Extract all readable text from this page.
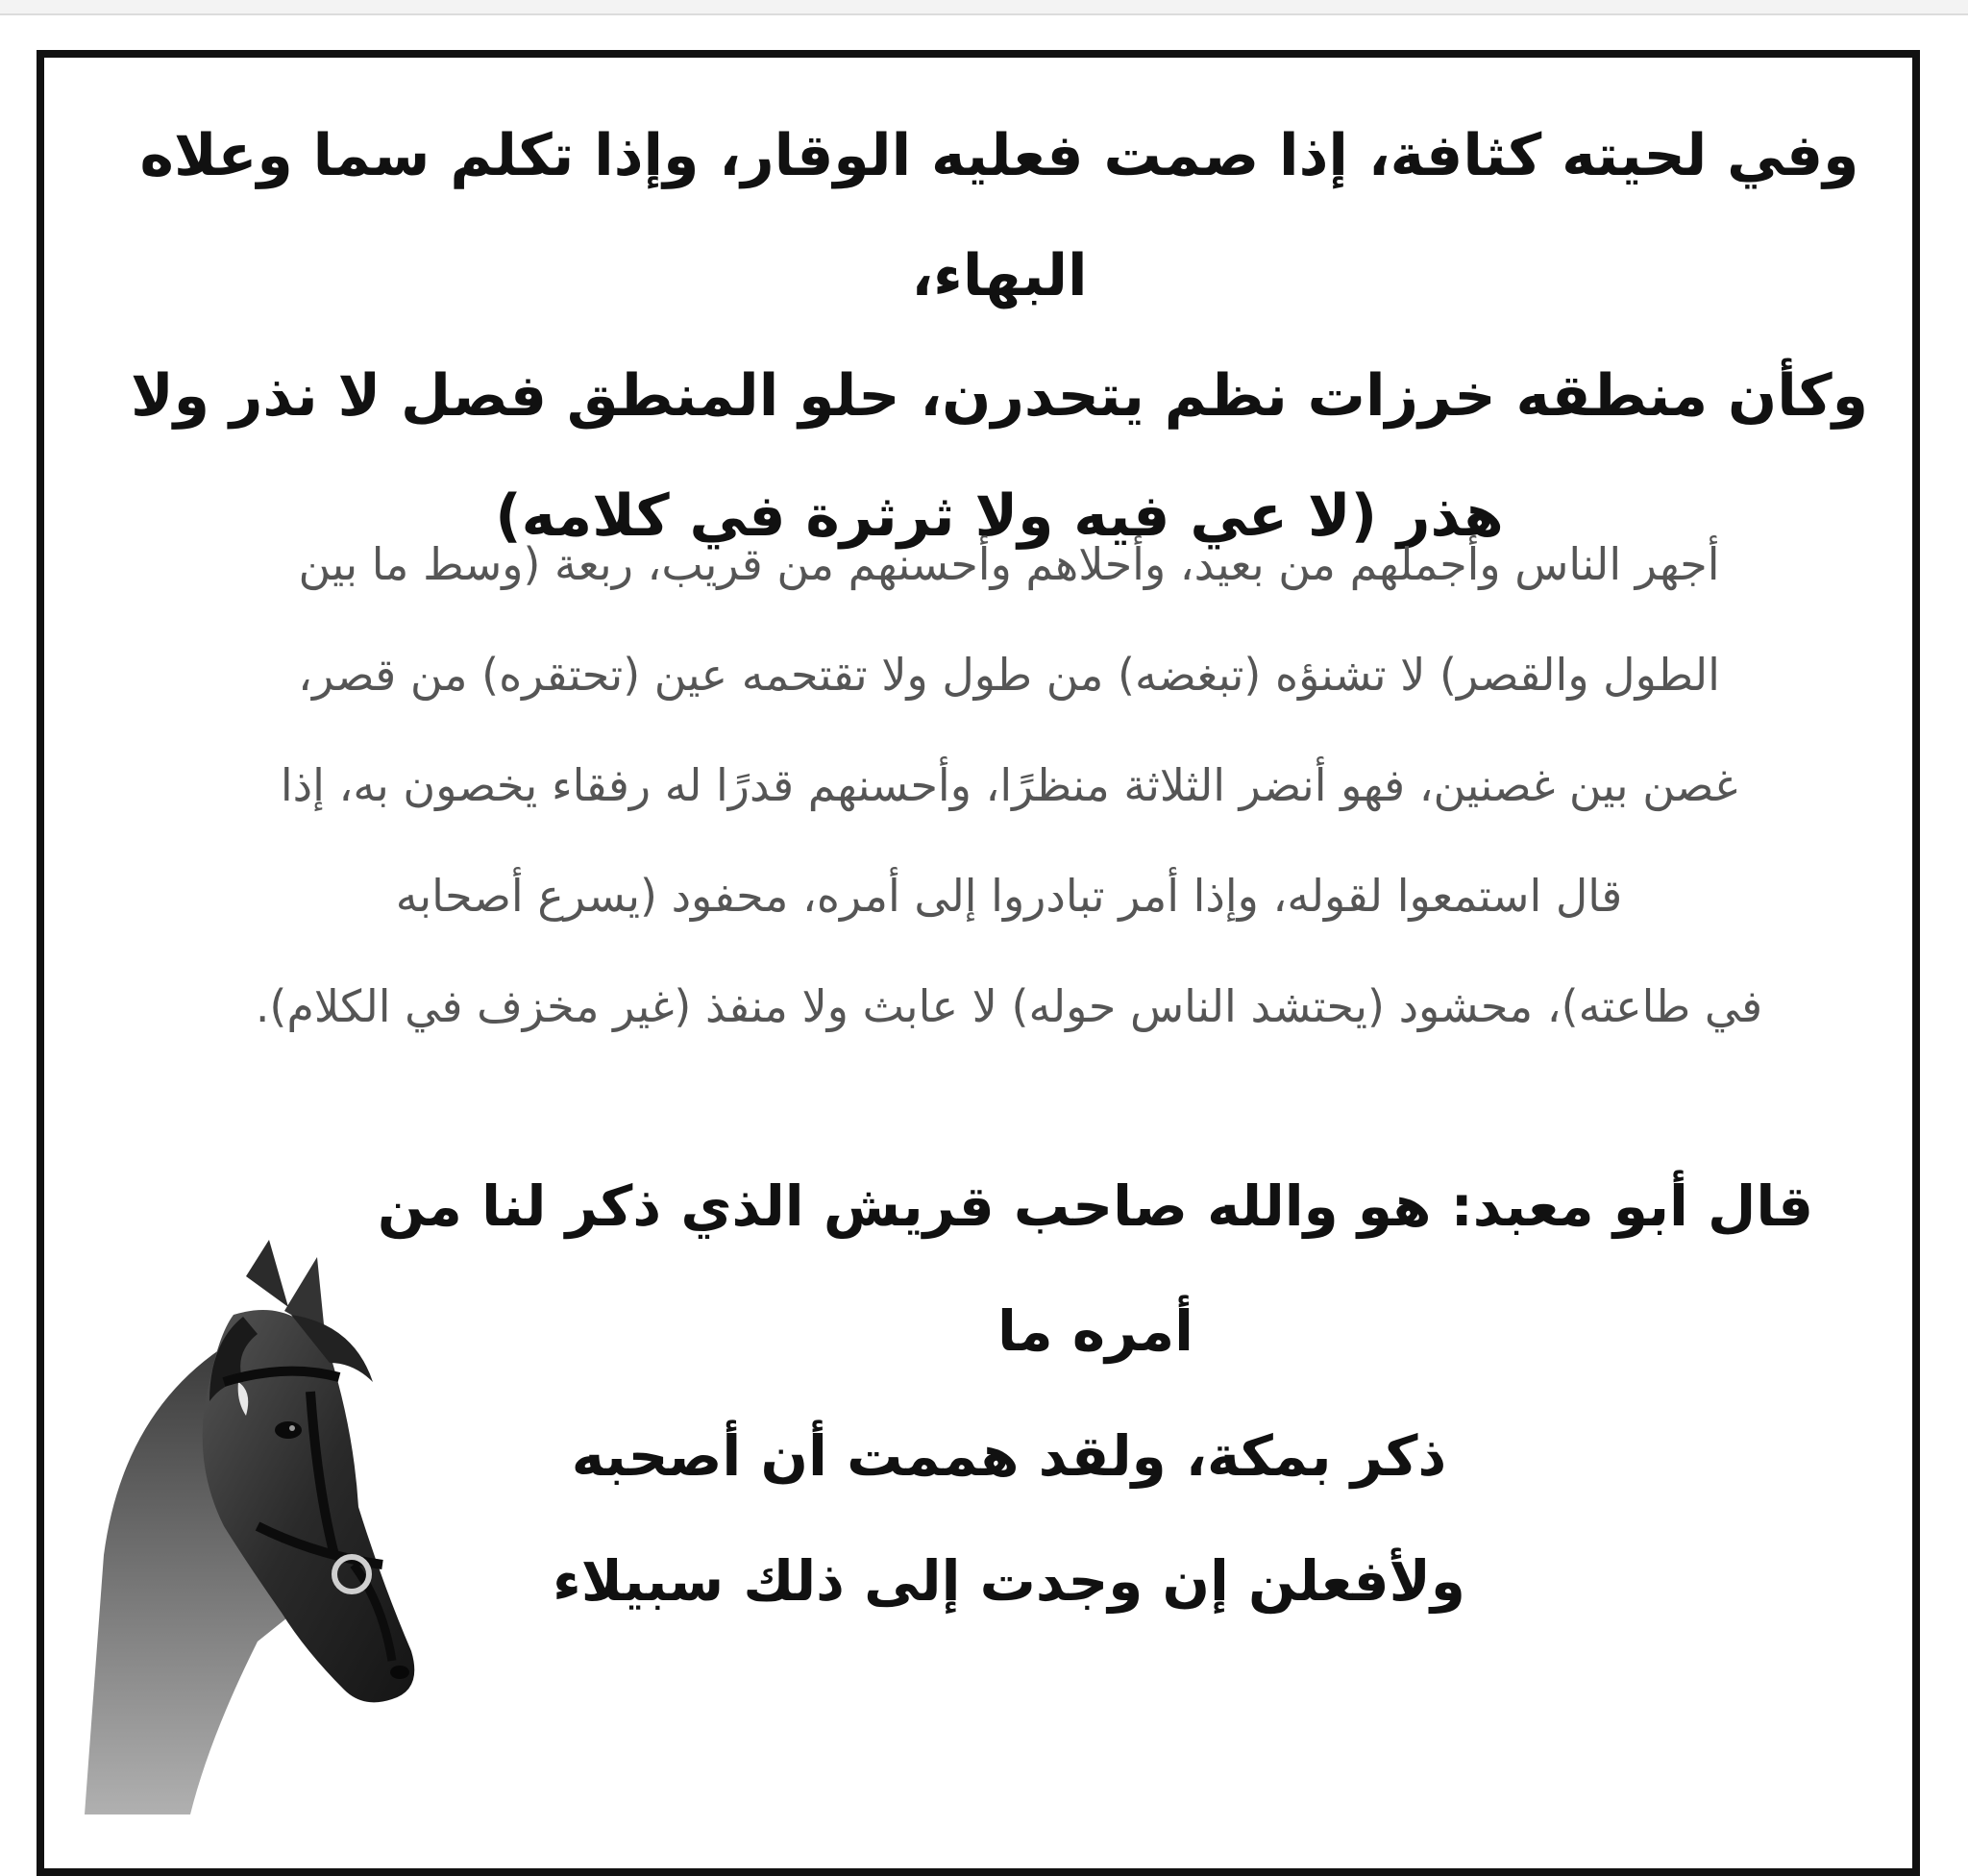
وفي لحيته كثافة، إذا صمت فعليه الوقار، وإذا تكلم سما وعلاه البهاء،
وكأن منطقه خرزات نظم يتحدرن، حلو المنطق فصل لا نذر ولا
هذر (لا عي فيه ولا ثرثرة في كلامه)

أجهر الناس وأجملهم من بعيد، وأحلاهم وأحسنهم من قريب، ربعة (وسط ما بين
الطول والقصر) لا تشنؤه (تبغضه) من طول ولا تقتحمه عين (تحتقره) من قصر،
غصن بين غصنين، فهو أنضر الثلاثة منظرًا، وأحسنهم قدرًا له رفقاء يخصون به، إذا
قال استمعوا لقوله، وإذا أمر تبادروا إلى أمره، محفود (يسرع أصحابه
في طاعته)، محشود (يحتشد الناس حوله) لا عابث ولا منفذ (غير مخزف في الكلام).

قال أبو معبد: هو والله صاحب قريش الذي ذكر لنا من أمره ما
ذكر بمكة، ولقد هممت أن أصحبه
ولأفعلن إن وجدت إلى ذلك سبيلاء
